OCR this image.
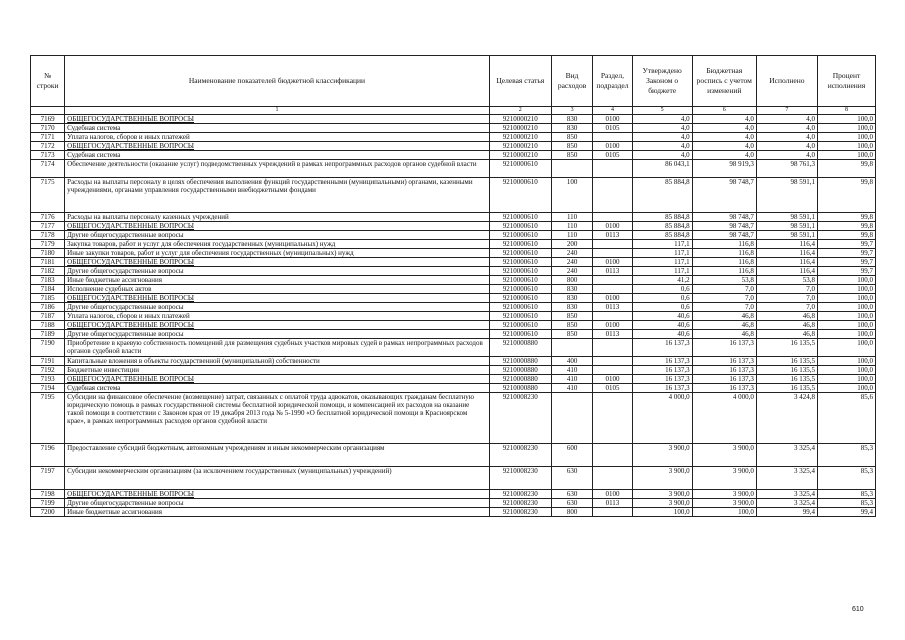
№ строки	Наименование показателей бюджетной классификации	Целевая статья	Вид расходов	Раздел, подраздел	Утверждено Законом о бюджете	Бюджетная роспись с учетом изменений	Исполнено	Процент исполнения
	1	2	3	4	5	6	7	8
7169	ОБЩЕГОСУДАРСТВЕННЫЕ ВОПРОСЫ	9210000210	830	0100	4,0	4,0	4,0	100,0
7170	Судебная система	9210000210	830	0105	4,0	4,0	4,0	100,0
7171	Уплата налогов, сборов и иных платежей	9210000210	850		4,0	4,0	4,0	100,0
7172	ОБЩЕГОСУДАРСТВЕННЫЕ ВОПРОСЫ	9210000210	850	0100	4,0	4,0	4,0	100,0
7173	Судебная система	9210000210	850	0105	4,0	4,0	4,0	100,0
7174	Обеспечение деятельности (оказание услуг) подведомственных учреждений в рамках непрограммных расходов органов судебной власти	9210000610			86 043,1	98 919,3	98 761,3	99,8
7175	Расходы на выплаты персоналу в целях обеспечения выполнения функций государственными (муниципальными) органами, казенными учреждениями, органами управления государственными внебюджетными фондами	9210000610	100		85 884,8	98 748,7	98 591,1	99,8
7176	Расходы на выплаты персоналу казенных учреждений	9210000610	110		85 884,8	98 748,7	98 591,1	99,8
7177	ОБЩЕГОСУДАРСТВЕННЫЕ ВОПРОСЫ	9210000610	110	0100	85 884,8	98 748,7	98 591,1	99,8
7178	Другие общегосударственные вопросы	9210000610	110	0113	85 884,8	98 748,7	98 591,1	99,8
7179	Закупка товаров, работ и услуг для обеспечения государственных (муниципальных) нужд	9210000610	200		117,1	116,8	116,4	99,7
7180	Иные закупки товаров, работ и услуг для обеспечения государственных (муниципальных) нужд	9210000610	240		117,1	116,8	116,4	99,7
7181	ОБЩЕГОСУДАРСТВЕННЫЕ ВОПРОСЫ	9210000610	240	0100	117,1	116,8	116,4	99,7
7182	Другие общегосударственные вопросы	9210000610	240	0113	117,1	116,8	116,4	99,7
7183	Иные бюджетные ассигнования	9210000610	800		41,2	53,8	53,8	100,0
7184	Исполнение судебных актов	9210000610	830		0,6	7,0	7,0	100,0
7185	ОБЩЕГОСУДАРСТВЕННЫЕ ВОПРОСЫ	9210000610	830	0100	0,6	7,0	7,0	100,0
7186	Другие общегосударственные вопросы	9210000610	830	0113	0,6	7,0	7,0	100,0
7187	Уплата налогов, сборов и иных платежей	9210000610	850		40,6	46,8	46,8	100,0
7188	ОБЩЕГОСУДАРСТВЕННЫЕ ВОПРОСЫ	9210000610	850	0100	40,6	46,8	46,8	100,0
7189	Другие общегосударственные вопросы	9210000610	850	0113	40,6	46,8	46,8	100,0
7190	Приобретение в краевую собственность помещений для размещения судебных участков мировых судей в рамках непрограммных расходов органов судебной власти	9210000880			16 137,3	16 137,3	16 135,5	100,0
7191	Капитальные вложения в объекты государственной (муниципальной) собственности	9210000880	400		16 137,3	16 137,3	16 135,5	100,0
7192	Бюджетные инвестиции	9210000880	410		16 137,3	16 137,3	16 135,5	100,0
7193	ОБЩЕГОСУДАРСТВЕННЫЕ ВОПРОСЫ	9210000880	410	0100	16 137,3	16 137,3	16 135,5	100,0
7194	Судебная система	9210000880	410	0105	16 137,3	16 137,3	16 135,5	100,0
7195	Субсидии на финансовое обеспечение (возмещение) затрат, связанных с оплатой труда адвокатов, оказывающих гражданам бесплатную юридическую помощь в рамках государственной системы бесплатной юридической помощи, и компенсацией их расходов на оказание такой помощи в соответствии с Законом края от 19 декабря 2013 года № 5-1990 «О бесплатной юридической помощи в Красноярском крае», в рамках непрограммных расходов органов судебной власти	9210008230			4 000,0	4 000,0	3 424,8	85,6
7196	Предоставление субсидий бюджетным, автономным учреждениям и иным некоммерческим организациям	9210008230	600		3 900,0	3 900,0	3 325,4	85,3
7197	Субсидии некоммерческим организациям (за исключением государственных (муниципальных) учреждений)	9210008230	630		3 900,0	3 900,0	3 325,4	85,3
7198	ОБЩЕГОСУДАРСТВЕННЫЕ ВОПРОСЫ	9210008230	630	0100	3 900,0	3 900,0	3 325,4	85,3
7199	Другие общегосударственные вопросы	9210008230	630	0113	3 900,0	3 900,0	3 325,4	85,3
7200	Иные бюджетные ассигнования	9210008230	800		100,0	100,0	99,4	99,4
610
